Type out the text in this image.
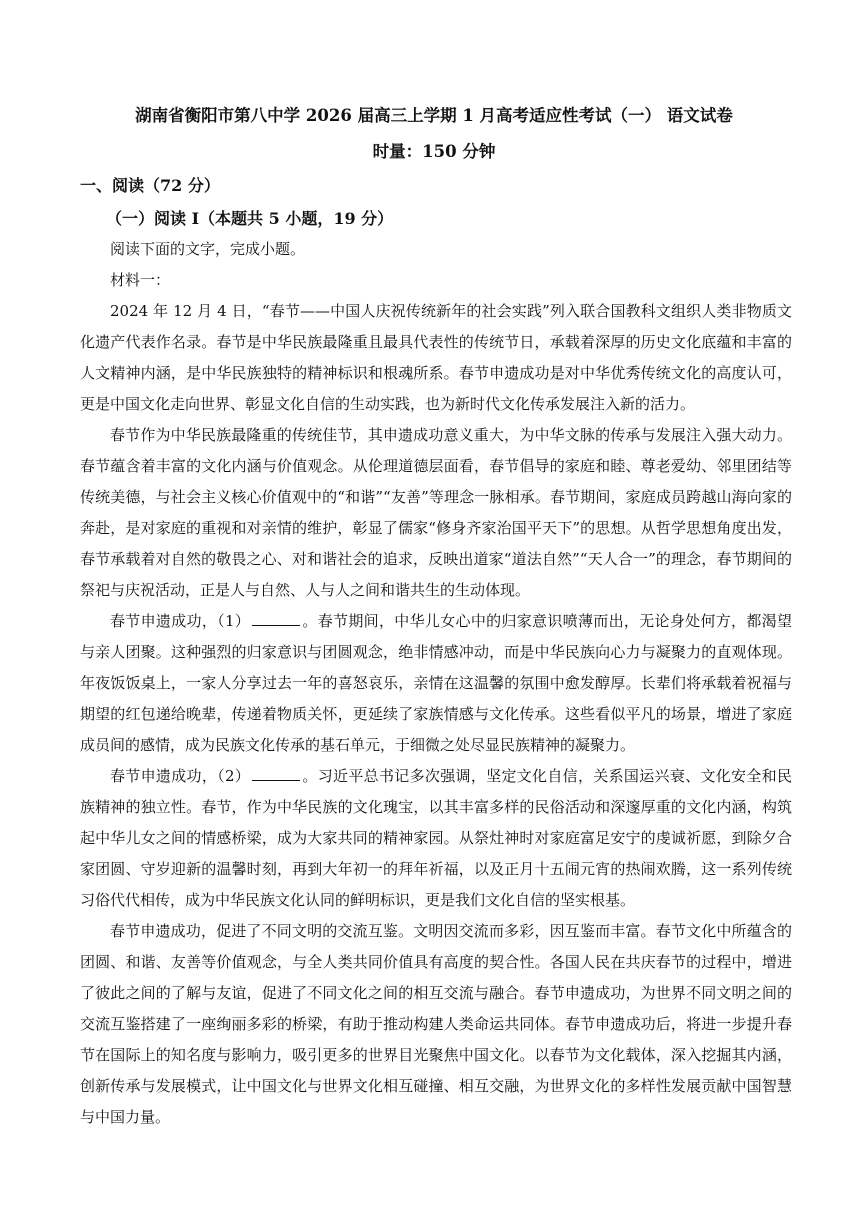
湖南省衡阳市第八中学 2026 届高三上学期 1 月高考适应性考试（一） 语文试卷
时量：150 分钟
一、阅读（72 分）
（一）阅读 I（本题共 5 小题，19 分）

阅读下面的文字，完成小题。

材料一：

2024 年 12 月 4 日，“春节——中国人庆祝传统新年的社会实践”列入联合国教科文组织人类非物质文化遗产代表作名录。春节是中华民族最隆重且最具代表性的传统节日，承载着深厚的历史文化底蕴和丰富的人文精神内涵，是中华民族独特的精神标识和根魂所系。春节申遗成功是对中华优秀传统文化的高度认可，更是中国文化走向世界、彰显文化自信的生动实践，也为新时代文化传承发展注入新的活力。

春节作为中华民族最隆重的传统佳节，其申遗成功意义重大，为中华文脉的传承与发展注入强大动力。春节蕴含着丰富的文化内涵与价值观念。从伦理道德层面看，春节倡导的家庭和睦、尊老爱幼、邻里团结等传统美德，与社会主义核心价值观中的“和谐”“友善”等理念一脉相承。春节期间，家庭成员跨越山海向家的奔赴，是对家庭的重视和对亲情的维护，彰显了儒家“修身齐家治国平天下”的思想。从哲学思想角度出发，春节承载着对自然的敬畏之心、对和谐社会的追求，反映出道家“道法自然”“天人合一”的理念，春节期间的祭祀与庆祝活动，正是人与自然、人与人之间和谐共生的生动体现。

春节申遗成功，（1）	。春节期间，中华儿女心中的归家意识喷薄而出，无论身处何方，都渴望与亲人团聚。这种强烈的归家意识与团圆观念，绝非情感冲动，而是中华民族向心力与凝聚力的直观体现。年夜饭饭桌上，一家人分享过去一年的喜怒哀乐，亲情在这温馨的氛围中愈发醇厚。长辈们将承载着祝福与期望的红包递给晚辈，传递着物质关怀，更延续了家族情感与文化传承。这些看似平凡的场景，增进了家庭成员间的感情，成为民族文化传承的基石单元，于细微之处尽显民族精神的凝聚力。

春节申遗成功，（2）	。习近平总书记多次强调，坚定文化自信，关系国运兴衰、文化安全和民族精神的独立性。春节，作为中华民族的文化瑰宝，以其丰富多样的民俗活动和深邃厚重的文化内涵，构筑起中华儿女之间的情感桥梁，成为大家共同的精神家园。从祭灶神时对家庭富足安宁的虔诚祈愿，到除夕合家团圆、守岁迎新的温馨时刻，再到大年初一的拜年祈福，以及正月十五闹元宵的热闹欢腾，这一系列传统习俗代代相传，成为中华民族文化认同的鲜明标识，更是我们文化自信的坚实根基。

春节申遗成功，促进了不同文明的交流互鉴。文明因交流而多彩，因互鉴而丰富。春节文化中所蕴含的团圆、和谐、友善等价值观念，与全人类共同价值具有高度的契合性。各国人民在共庆春节的过程中，增进了彼此之间的了解与友谊，促进了不同文化之间的相互交流与融合。春节申遗成功，为世界不同文明之间的交流互鉴搭建了一座绚丽多彩的桥梁，有助于推动构建人类命运共同体。春节申遗成功后，将进一步提升春节在国际上的知名度与影响力，吸引更多的世界目光聚焦中国文化。以春节为文化载体，深入挖掘其内涵，创新传承与发展模式，让中国文化与世界文化相互碰撞、相互交融，为世界文化的多样性发展贡献中国智慧与中国力量。
